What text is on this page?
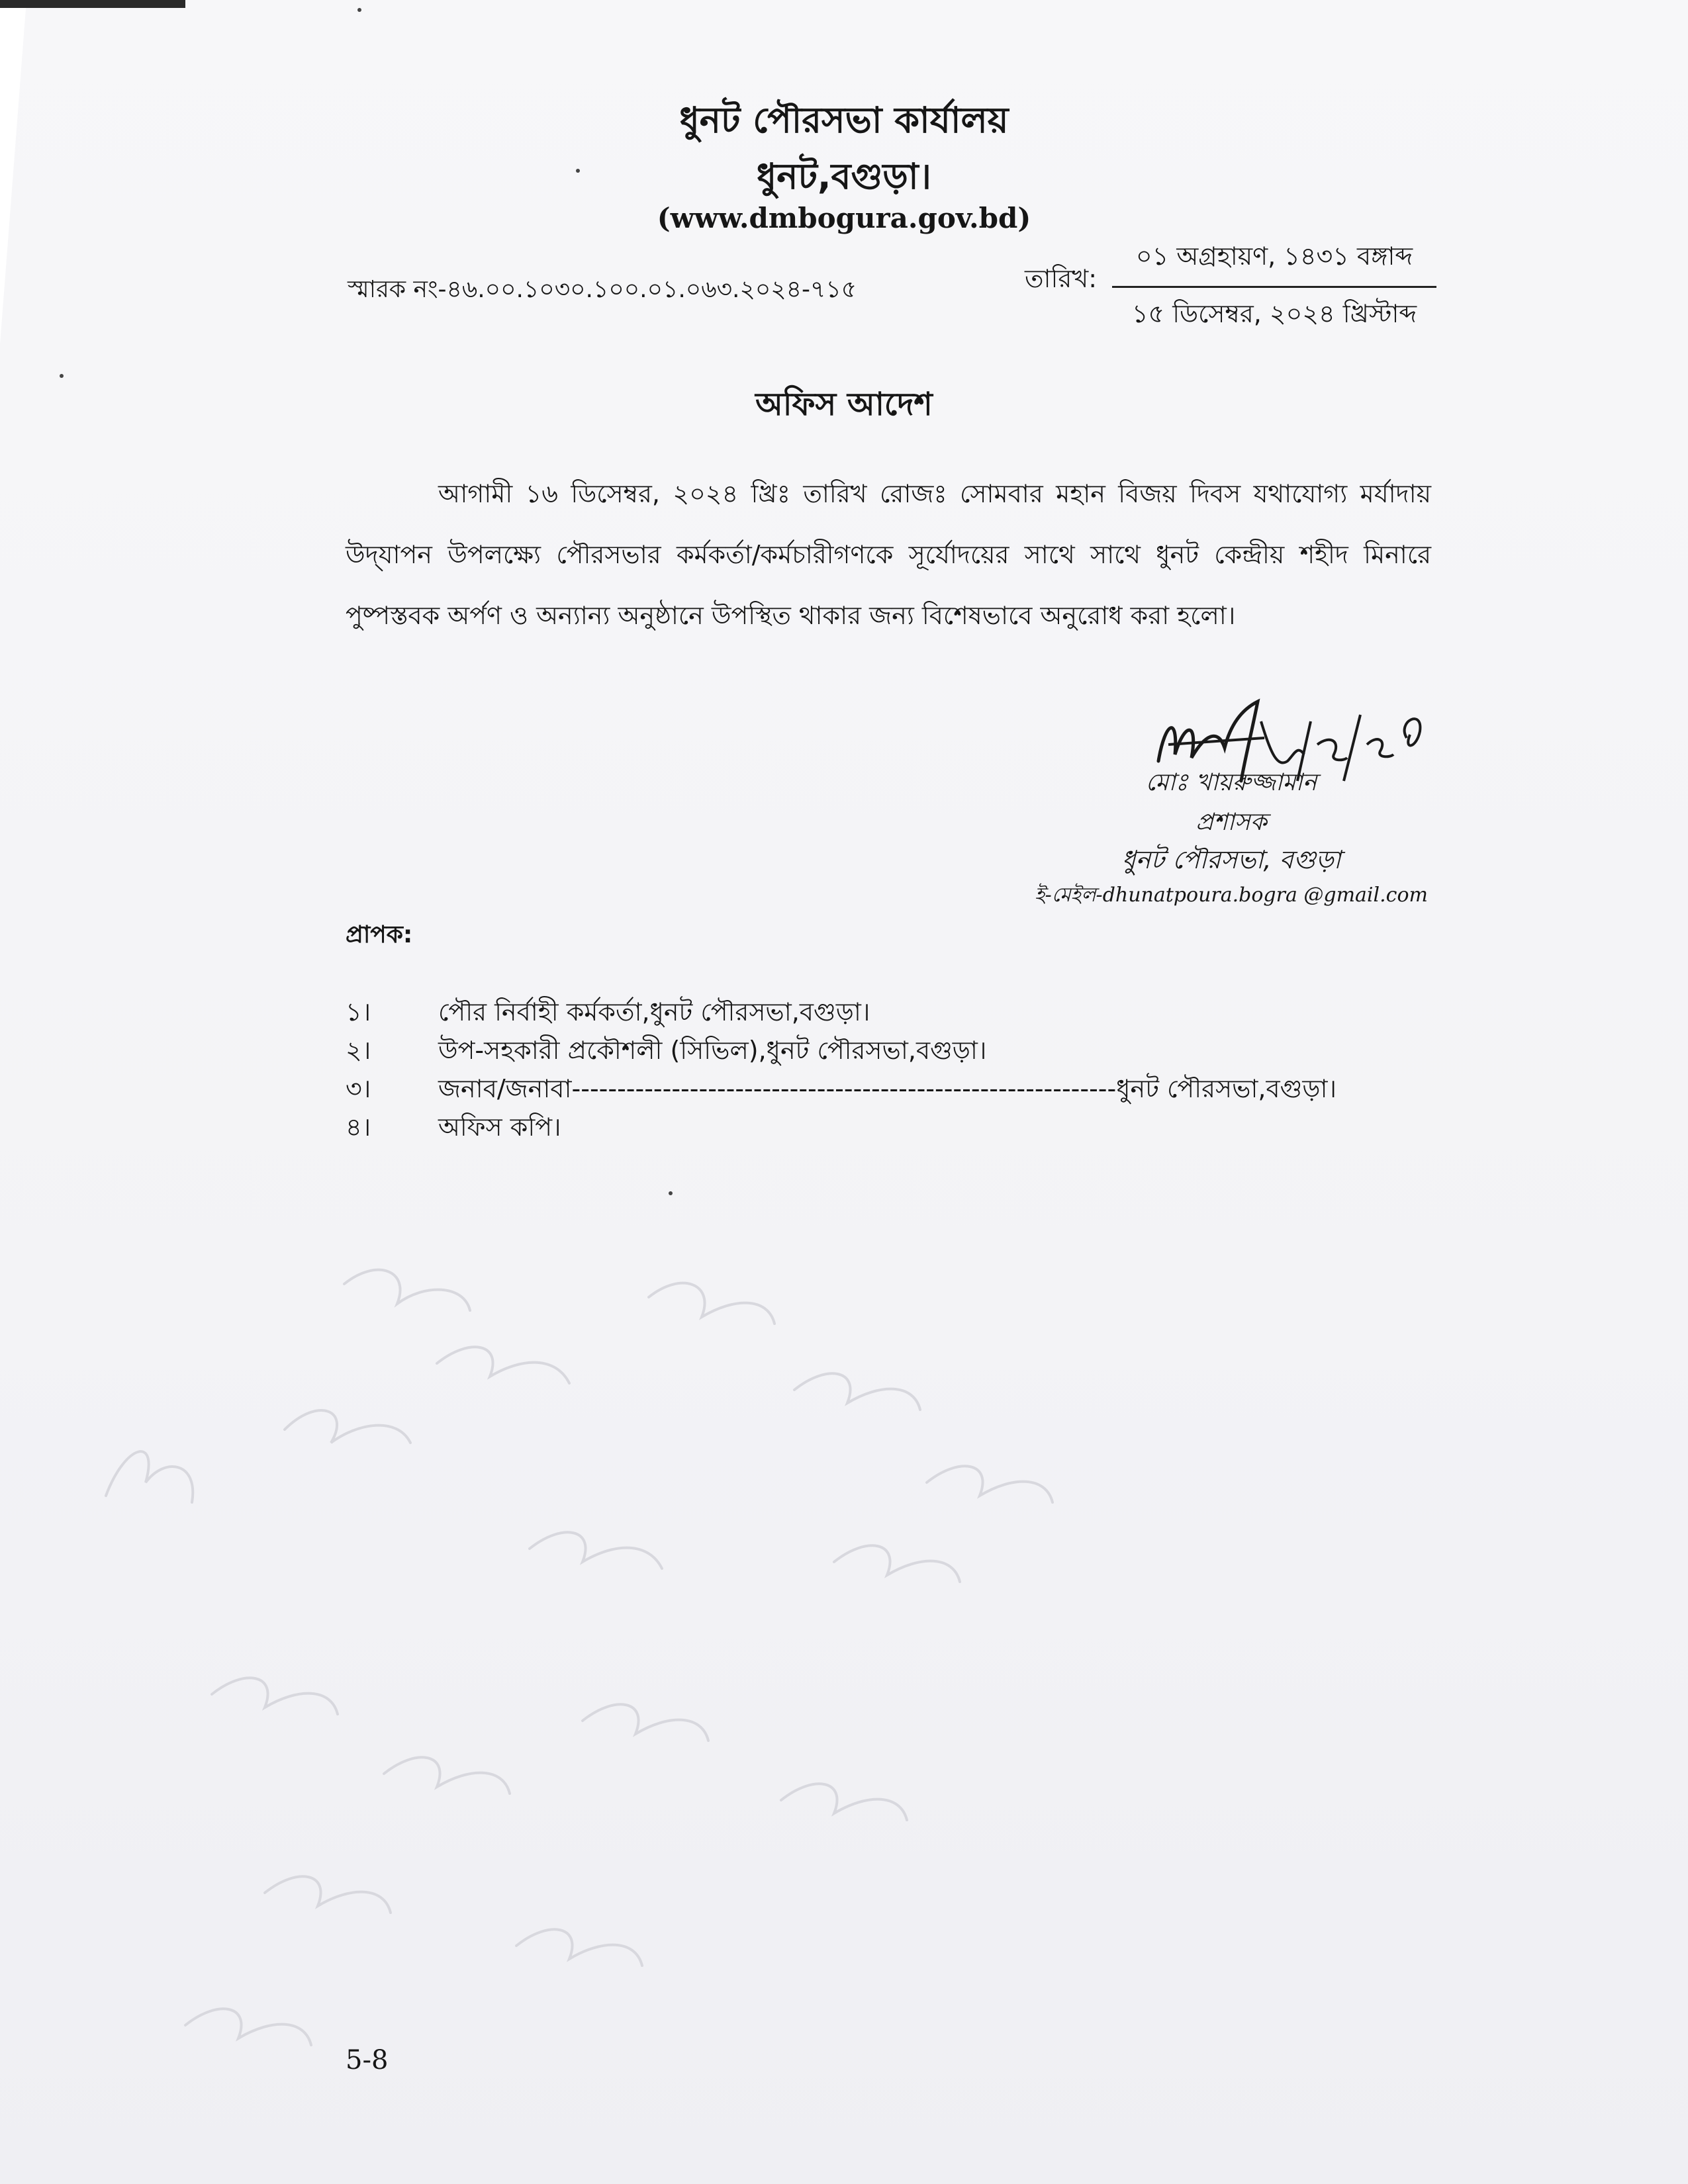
ধুনট পৌরসভা কার্যালয়
ধুনট,বগুড়া।
(www.dmbogura.gov.bd)
স্মারক নং-৪৬.০০.১০৩০.১০০.০১.০৬৩.২০২৪-৭১৫	তারিখ:
০১ অগ্রহায়ণ, ১৪৩১ বঙ্গাব্দ
১৫ ডিসেম্বর, ২০২৪ খ্রিস্টাব্দ
অফিস আদেশ
আগামী ১৬ ডিসেম্বর, ২০২৪ খ্রিঃ তারিখ রোজঃ সোমবার মহান বিজয় দিবস যথাযোগ্য মর্যাদায় উদ্‌যাপন উপলক্ষ্যে পৌরসভার কর্মকর্তা/কর্মচারীগণকে সূর্যোদয়ের সাথে সাথে ধুনট কেন্দ্রীয় শহীদ মিনারে পুষ্পস্তবক অর্পণ ও অন্যান্য অনুষ্ঠানে উপস্থিত থাকার জন্য বিশেষভাবে অনুরোধ করা হলো।
মোঃ খায়রুজ্জামান
প্রশাসক
ধুনট পৌরসভা, বগুড়া
ই-মেইল-dhunatpoura.bogra @gmail.com
প্রাপক:
১।	পৌর নির্বাহী কর্মকর্তা,ধুনট পৌরসভা,বগুড়া।
২।	উপ-সহকারী প্রকৌশলী (সিভিল),ধুনট পৌরসভা,বগুড়া।
৩।	জনাব/জনাবা------------------------------------------------------------ধুনট পৌরসভা,বগুড়া।
৪।	অফিস কপি।
5-8
